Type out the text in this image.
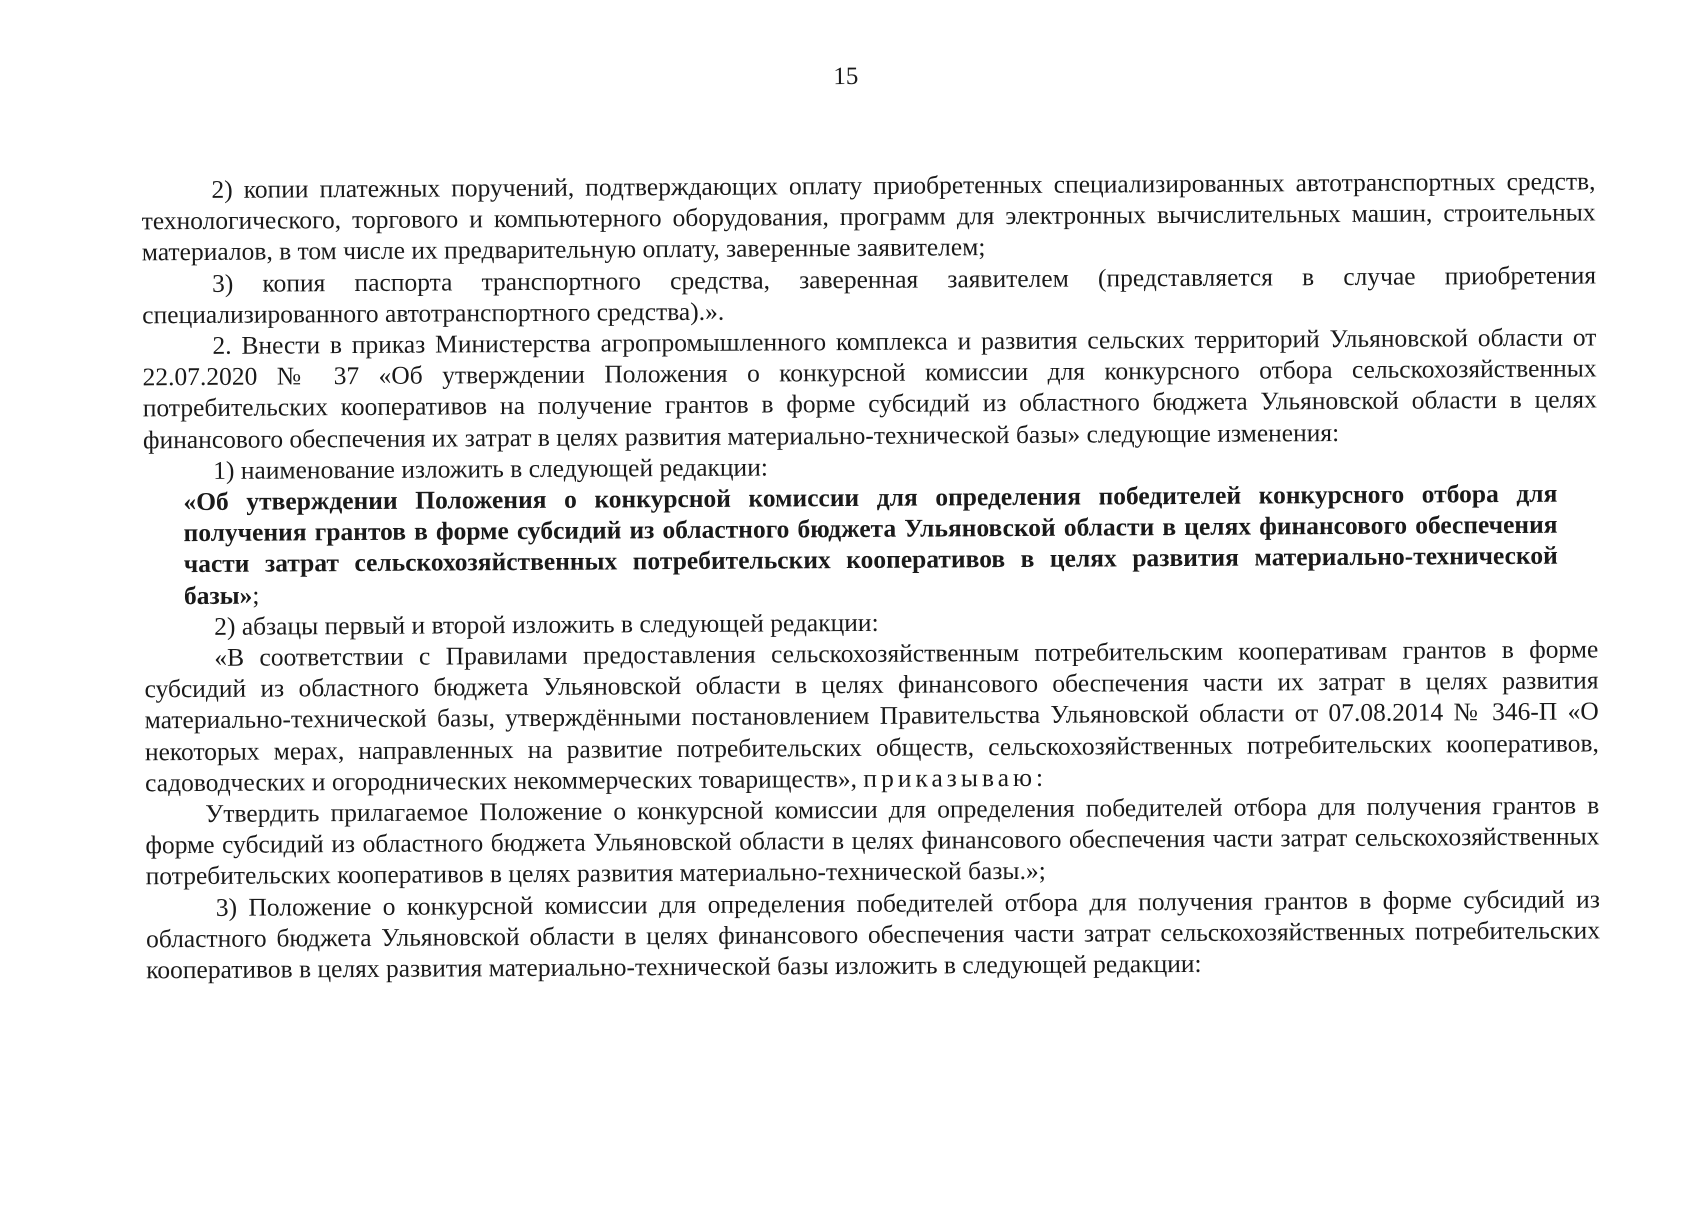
15

2) копии платежных поручений, подтверждающих оплату приобретенных специализированных автотранспортных средств, технологического, торгового и компьютерного оборудования, программ для электронных вычислительных машин, строительных материалов, в том числе их предварительную оплату, заверенные заявителем;

3) копия паспорта транспортного средства, заверенная заявителем (представляется в случае приобретения специализированного автотранспортного средства).».

2. Внести в приказ Министерства агропромышленного комплекса и развития сельских территорий Ульяновской области от 22.07.2020 № 37 «Об утверждении Положения о конкурсной комиссии для конкурсного отбора сельскохозяйственных потребительских кооперативов на получение грантов в форме субсидий из областного бюджета Ульяновской области в целях финансового обеспечения их затрат в целях развития материально-технической базы» следующие изменения:

1) наименование изложить в следующей редакции:

«Об утверждении Положения о конкурсной комиссии для определения победителей конкурсного отбора для получения грантов в форме субсидий из областного бюджета Ульяновской области в целях финансового обеспечения части затрат сельскохозяйственных потребительских кооперативов в целях развития материально-технической базы»;

2) абзацы первый и второй изложить в следующей редакции:

«В соответствии с Правилами предоставления сельскохозяйственным потребительским кооперативам грантов в форме субсидий из областного бюджета Ульяновской области в целях финансового обеспечения части их затрат в целях развития материально-технической базы, утверждёнными постановлением Правительства Ульяновской области от 07.08.2014 № 346-П «О некоторых мерах, направленных на развитие потребительских обществ, сельскохозяйственных потребительских кооперативов, садоводческих и огороднических некоммерческих товариществ», приказываю:

Утвердить прилагаемое Положение о конкурсной комиссии для определения победителей отбора для получения грантов в форме субсидий из областного бюджета Ульяновской области в целях финансового обеспечения части затрат сельскохозяйственных потребительских кооперативов в целях развития материально-технической базы.»;

3) Положение о конкурсной комиссии для определения победителей отбора для получения грантов в форме субсидий из областного бюджета Ульяновской области в целях финансового обеспечения части затрат сельскохозяйственных потребительских кооперативов в целях развития материально-технической базы изложить в следующей редакции:
